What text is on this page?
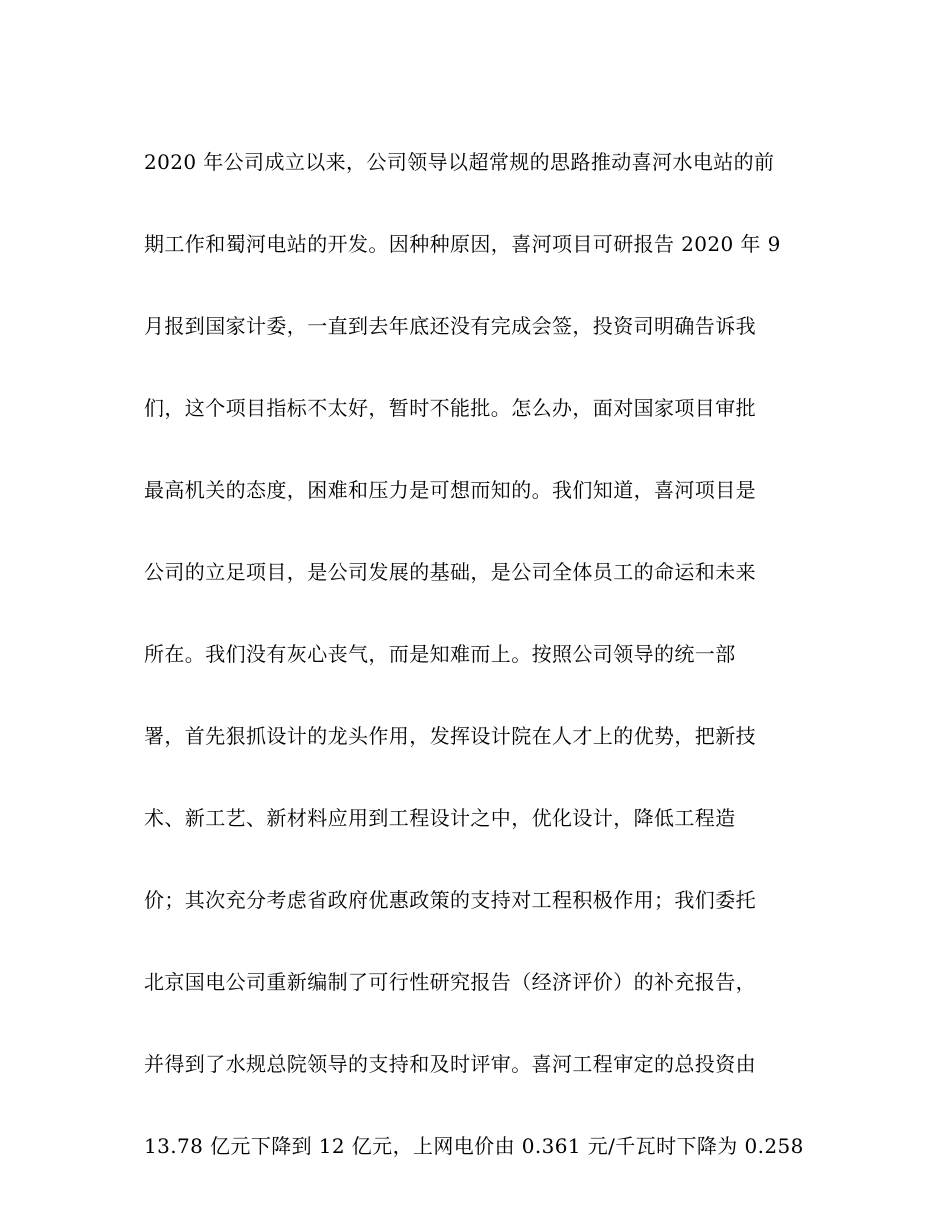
2020 年公司成立以来，公司领导以超常规的思路推动喜河水电站的前
期工作和蜀河电站的开发。因种种原因，喜河项目可研报告 2020 年 9
月报到国家计委，一直到去年底还没有完成会签，投资司明确告诉我
们，这个项目指标不太好，暂时不能批。怎么办，面对国家项目审批
最高机关的态度，困难和压力是可想而知的。我们知道，喜河项目是
公司的立足项目，是公司发展的基础，是公司全体员工的命运和未来
所在。我们没有灰心丧气，而是知难而上。按照公司领导的统一部
署，首先狠抓设计的龙头作用，发挥设计院在人才上的优势，把新技
术、新工艺、新材料应用到工程设计之中，优化设计，降低工程造
价；其次充分考虑省政府优惠政策的支持对工程积极作用；我们委托
北京国电公司重新编制了可行性研究报告（经济评价）的补充报告，
并得到了水规总院领导的支持和及时评审。喜河工程审定的总投资由
13.78 亿元下降到 12 亿元，上网电价由 0.361 元/千瓦时下降为 0.258
